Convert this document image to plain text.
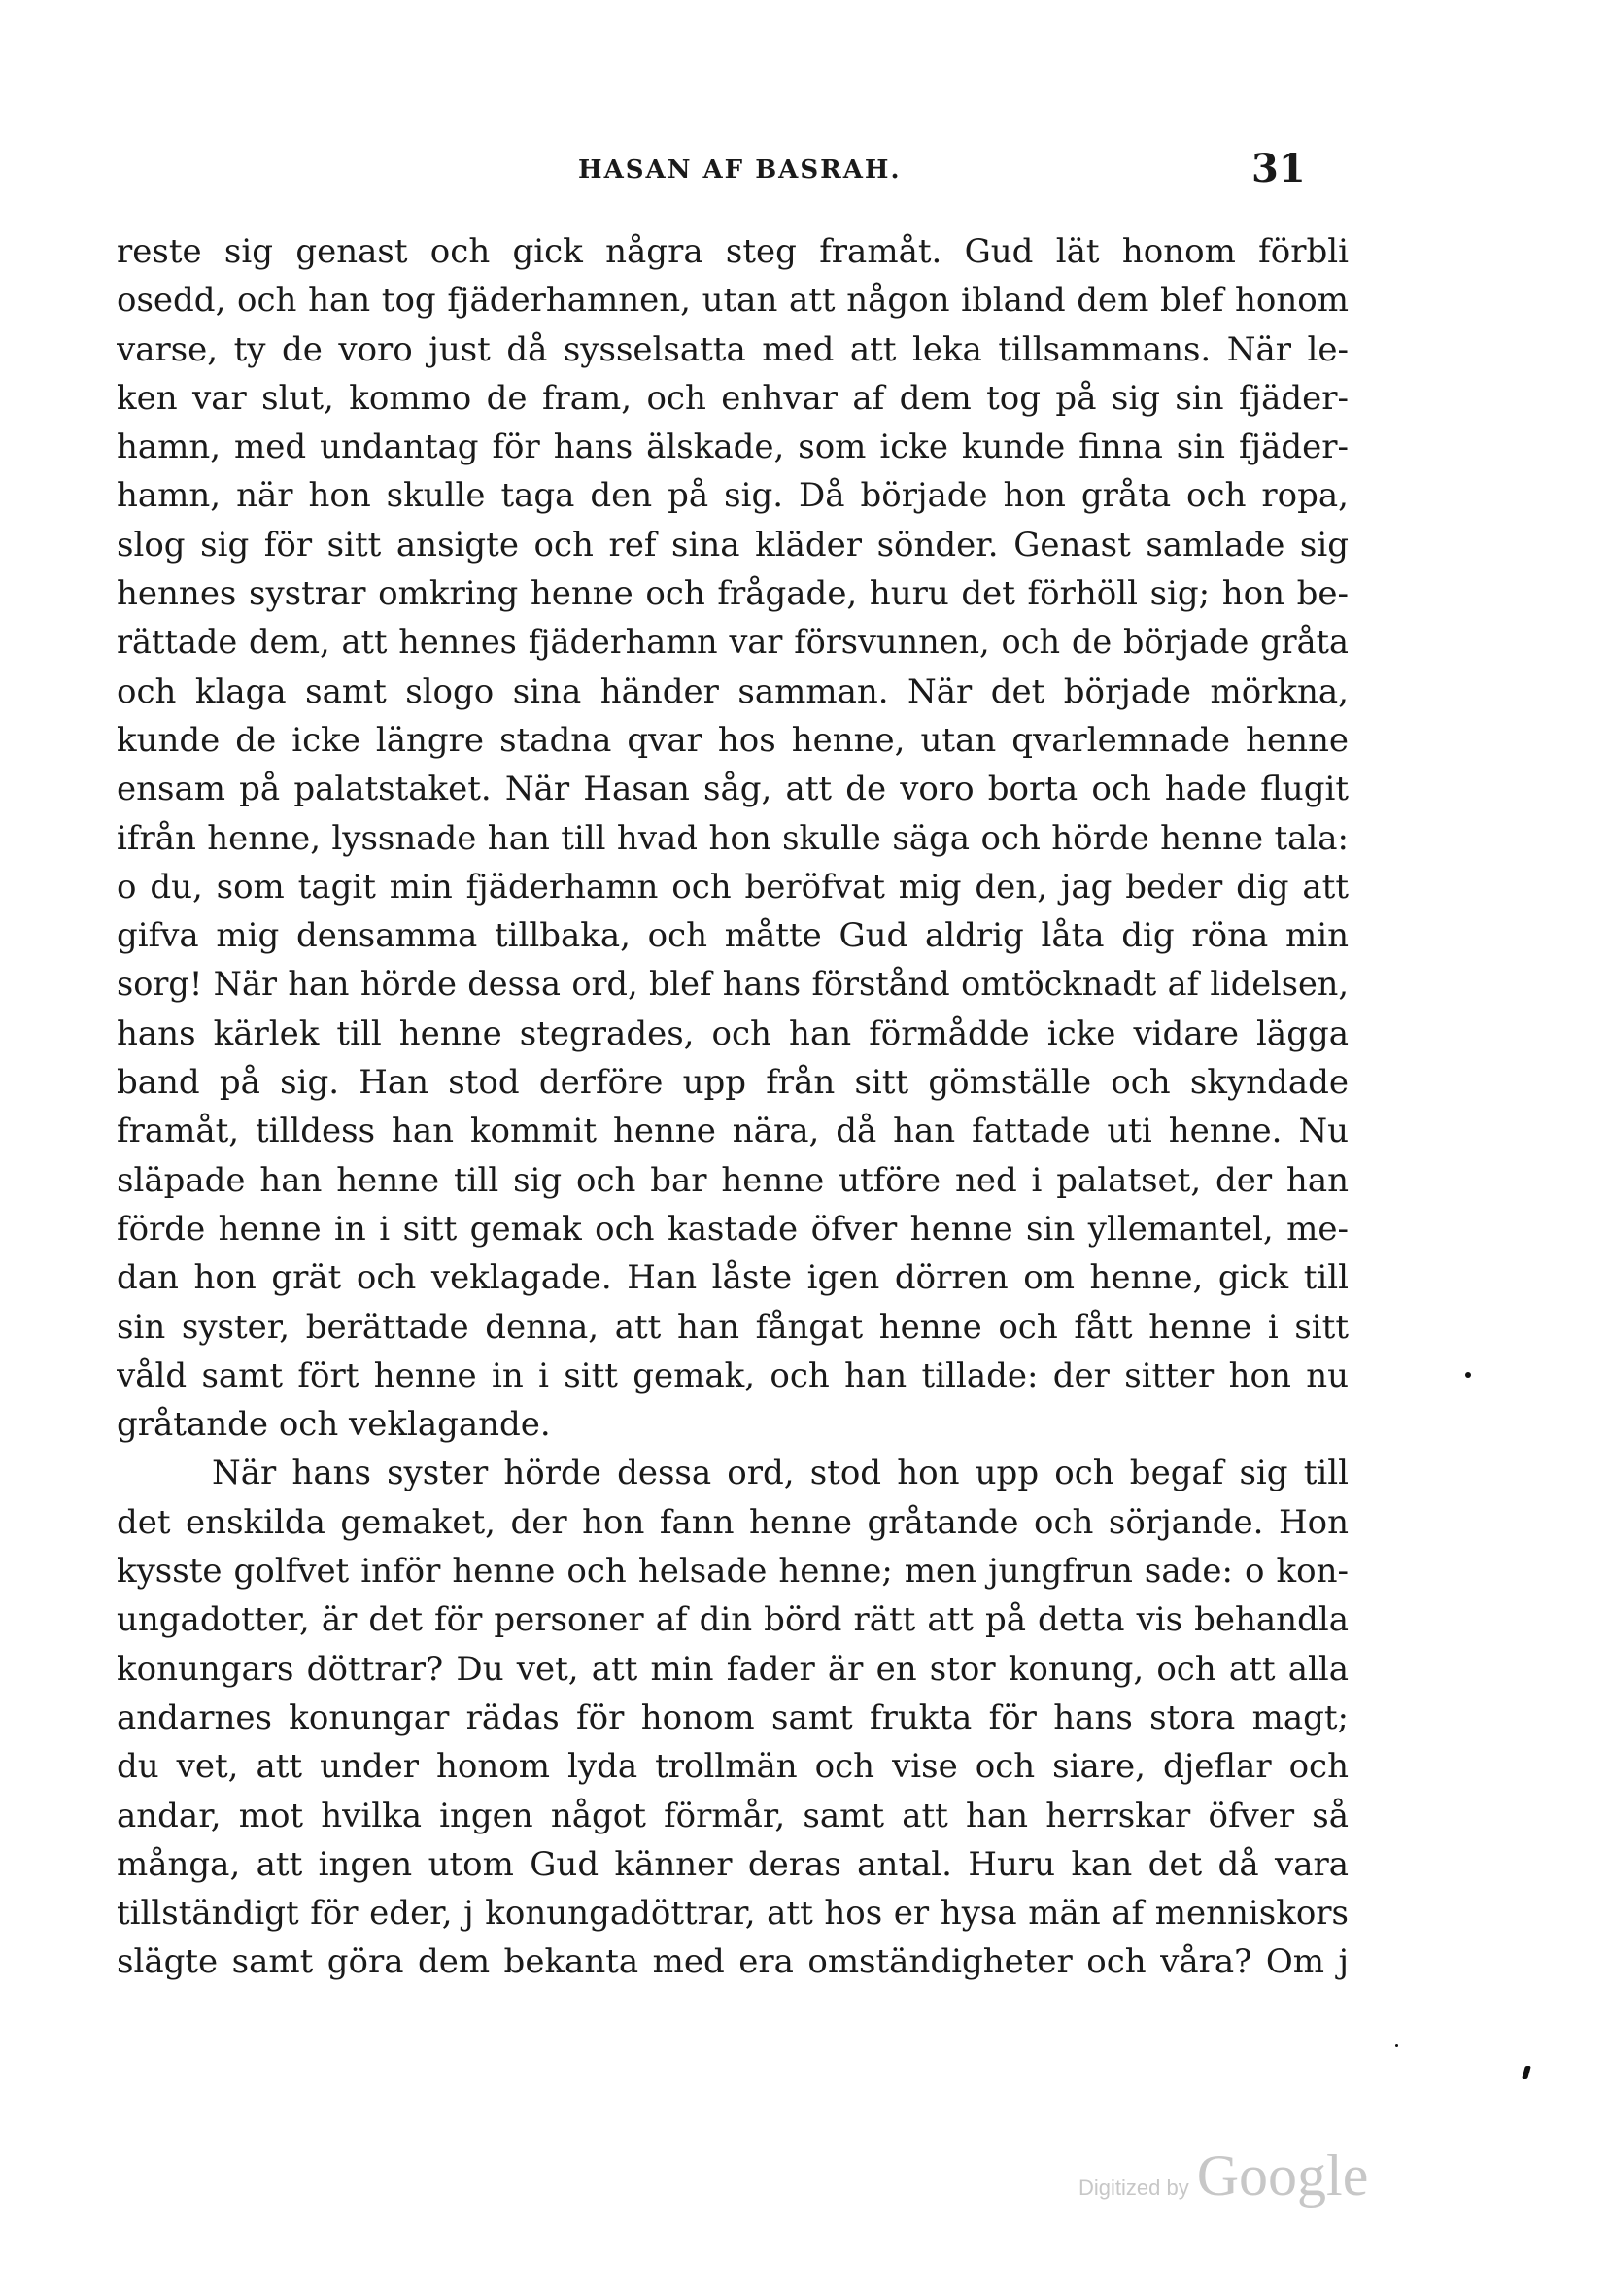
HASAN AF BASRAH.	31
reste sig genast och gick några steg framåt. Gud lät honom förbli
osedd, och han tog fjäderhamnen, utan att någon ibland dem blef honom
varse, ty de voro just då sysselsatta med att leka tillsammans. När le-
ken var slut, kommo de fram, och enhvar af dem tog på sig sin fjäder-
hamn, med undantag för hans älskade, som icke kunde finna sin fjäder-
hamn, när hon skulle taga den på sig. Då började hon gråta och ropa,
slog sig för sitt ansigte och ref sina kläder sönder. Genast samlade sig
hennes systrar omkring henne och frågade, huru det förhöll sig; hon be-
rättade dem, att hennes fjäderhamn var försvunnen, och de började gråta
och klaga samt slogo sina händer samman. När det började mörkna,
kunde de icke längre stadna qvar hos henne, utan qvarlemnade henne
ensam på palatstaket. När Hasan såg, att de voro borta och hade flugit
ifrån henne, lyssnade han till hvad hon skulle säga och hörde henne tala:
o du, som tagit min fjäderhamn och beröfvat mig den, jag beder dig att
gifva mig densamma tillbaka, och måtte Gud aldrig låta dig röna min
sorg! När han hörde dessa ord, blef hans förstånd omtöcknadt af lidelsen,
hans kärlek till henne stegrades, och han förmådde icke vidare lägga
band på sig. Han stod derföre upp från sitt gömställe och skyndade
framåt, tilldess han kommit henne nära, då han fattade uti henne. Nu
släpade han henne till sig och bar henne utföre ned i palatset, der han
förde henne in i sitt gemak och kastade öfver henne sin yllemantel, me-
dan hon grät och veklagade. Han låste igen dörren om henne, gick till
sin syster, berättade denna, att han fångat henne och fått henne i sitt
våld samt fört henne in i sitt gemak, och han tillade: der sitter hon nu
gråtande och veklagande.
När hans syster hörde dessa ord, stod hon upp och begaf sig till
det enskilda gemaket, der hon fann henne gråtande och sörjande. Hon
kysste golfvet inför henne och helsade henne; men jungfrun sade: o kon-
ungadotter, är det för personer af din börd rätt att på detta vis behandla
konungars döttrar? Du vet, att min fader är en stor konung, och att alla
andarnes konungar rädas för honom samt frukta för hans stora magt;
du vet, att under honom lyda trollmän och vise och siare, djeflar och
andar, mot hvilka ingen något förmår, samt att han herrskar öfver så
många, att ingen utom Gud känner deras antal. Huru kan det då vara
tillständigt för eder, j konungadöttrar, att hos er hysa män af menniskors
slägte samt göra dem bekanta med era omständigheter och våra? Om j
Digitized by Google
